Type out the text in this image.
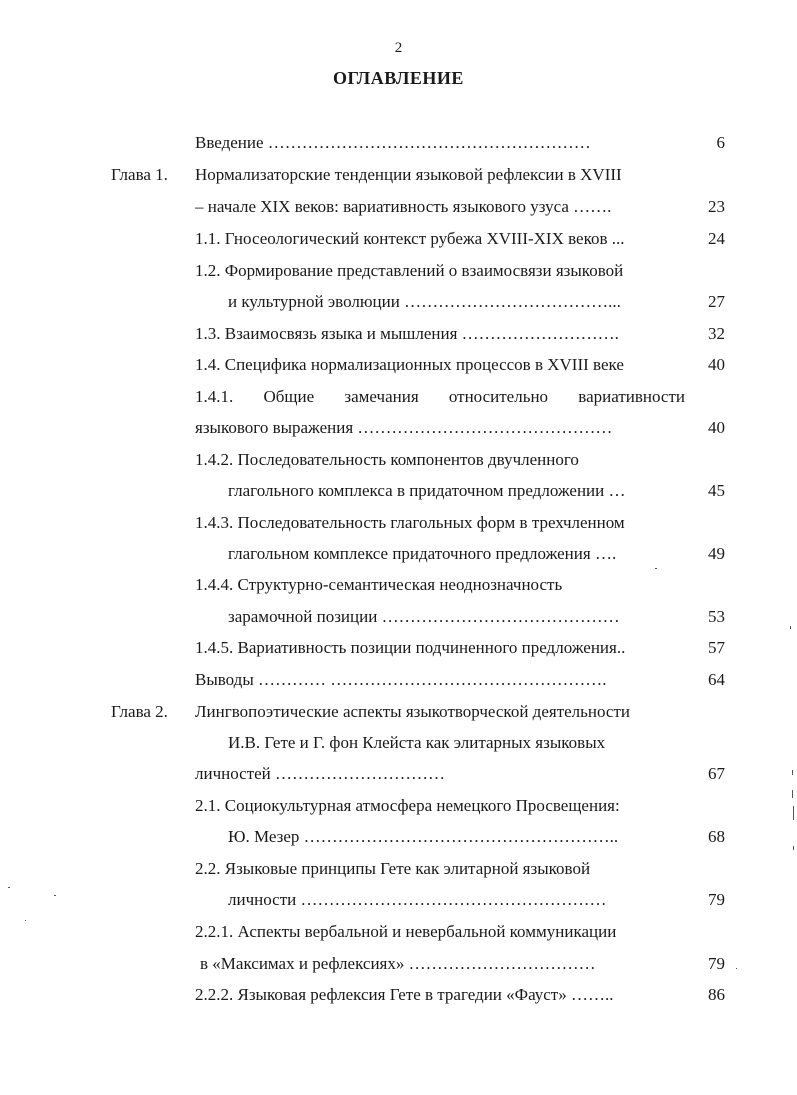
2
ОГЛАВЛЕНИЕ
Введение …………………………………………………	6
Глава 1. Нормализаторские тенденции языковой рефлексии в XVIII
– начале XIX веков: вариативность языкового узуса …….	23
1.1. Гносеологический контекст рубежа XVIII-XIX веков ...	24
1.2. Формирование представлений о взаимосвязи языковой
и культурной эволюции ………………………………...	27
1.3. Взаимосвязь языка и мышления ……………………….	32
1.4. Специфика нормализационных процессов в XVIII веке	40
1.4.1. Общие замечания относительно вариативности
языкового выражения ………………………………………	40
1.4.2. Последовательность компонентов двучленного
глагольного комплекса в придаточном предложении …	45
1.4.3. Последовательность глагольных форм в трехчленном
глагольном комплексе придаточного предложения ….	49
1.4.4. Структурно-семантическая неоднозначность
зарамочной позиции ……………………………………	53
1.4.5. Вариативность позиции подчиненного предложения..	57
Выводы ………… ………………………………………….	64
Глава 2. Лингвопоэтические аспекты языкотворческой деятельности
И.В. Гете и Г. фон Клейста как элитарных языковых
личностей …………………………	67
2.1. Социокультурная атмосфера немецкого Просвещения:
Ю. Мезер ………………………………………………..	68
2.2. Языковые принципы Гете как элитарной языковой
личности ………………………………………………	79
2.2.1. Аспекты вербальной и невербальной коммуникации
в «Максимах и рефлексиях» ……………………………	79
2.2.2. Языковая рефлексия Гете в трагедии «Фауст» ……..	86
